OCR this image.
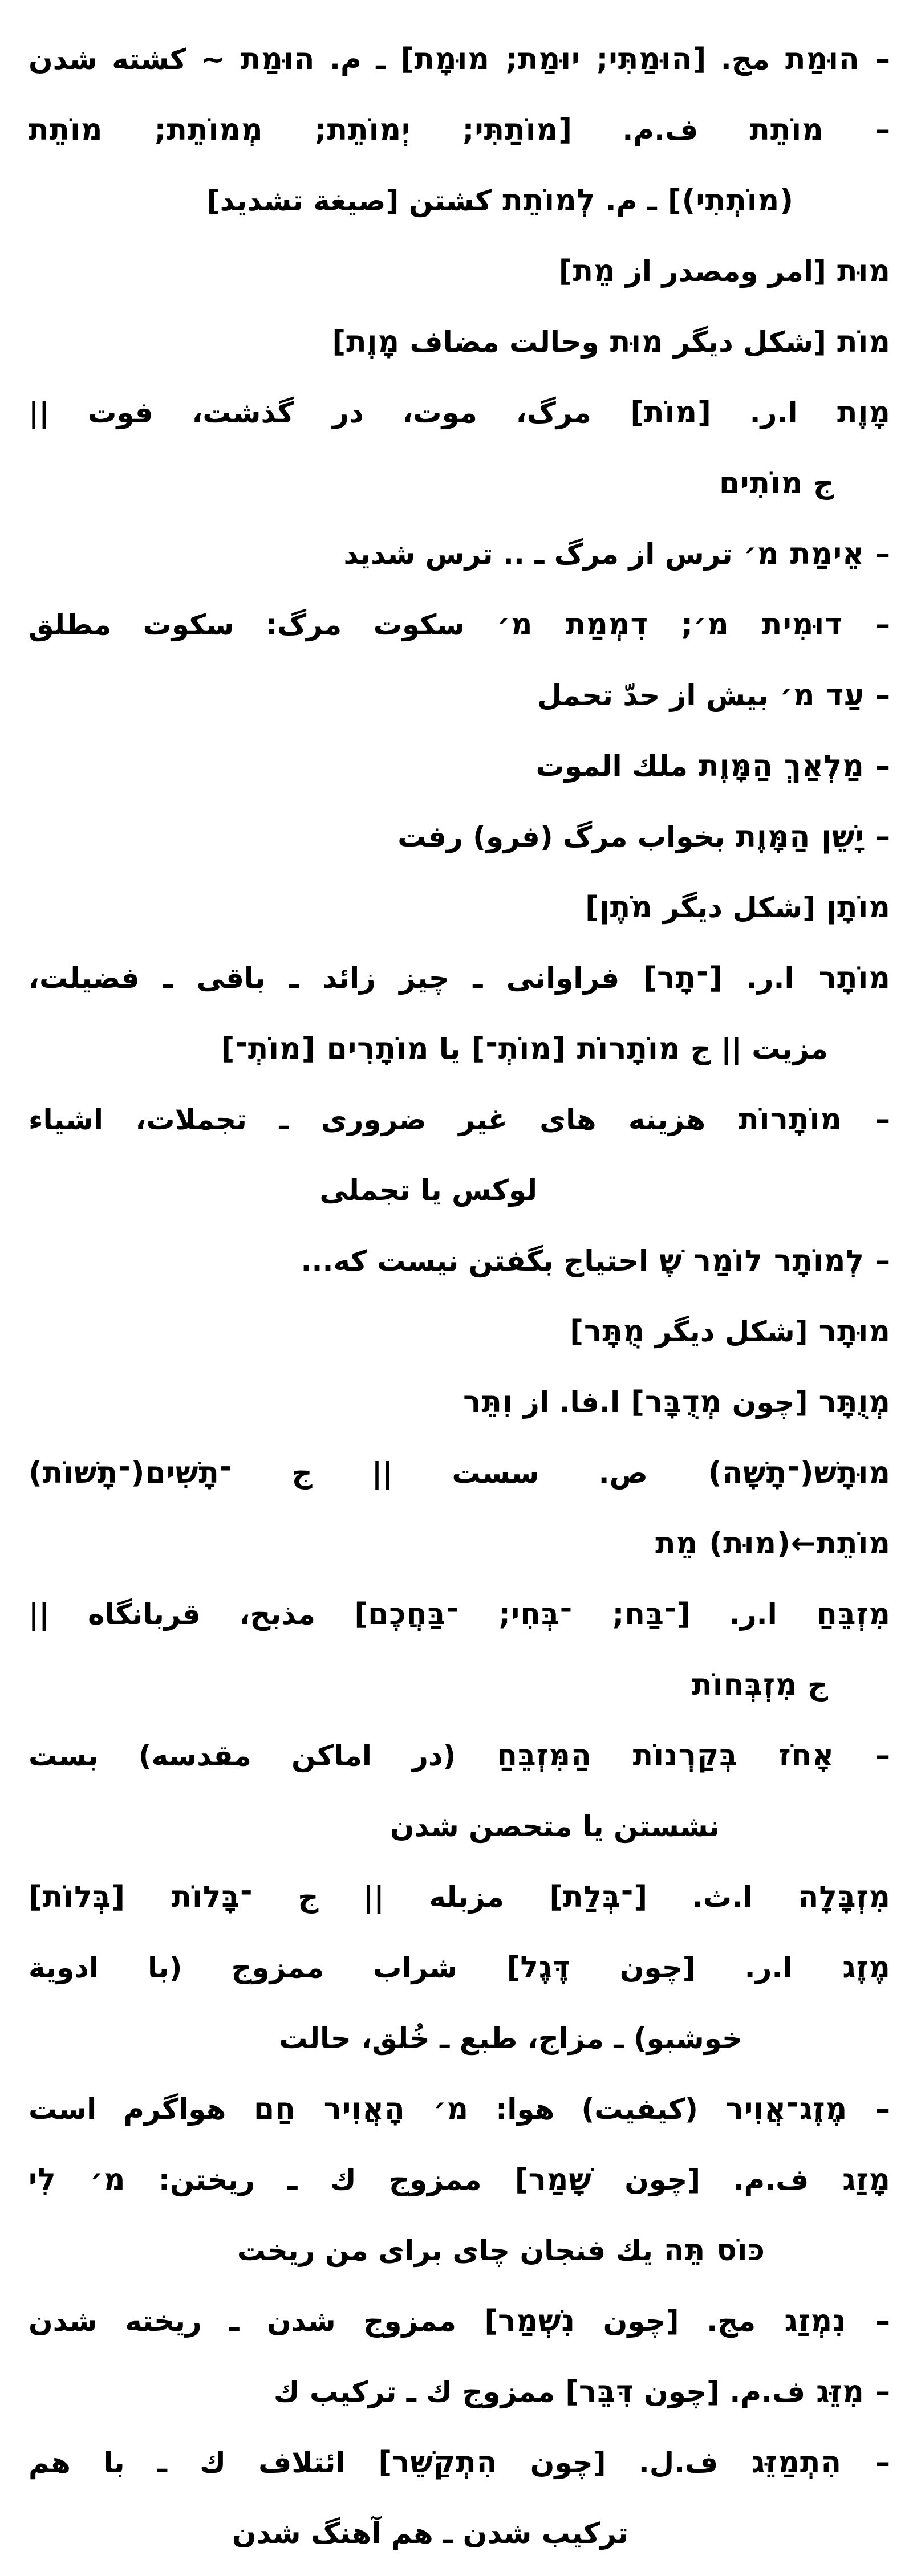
– הוּמַת مج. [הוּמַתִּי; יוּמַת; מוּמָת] ـ م. הוּמַת ~ كشته شدن
– מוֹתֵת ف.م. [מוֹתַתִּי; יְמוֹתֵת; מְמוֹתֵת; מוֹתֵת
(מוֹתְתִי)] ـ م. לְמוֹתֵת كشتن [صيغة تشديد]
מוּת [امر ومصدر از מֵת]
מוֹת [شكل ديگر מוּת وحالت مضاف מָוֶת]
מָוֶת ا.ر. [מוֹת] مرگ، موت، در گذشت، فوت ||
ج מוֹתִים
– אֵימַת מ׳ ترس از مرگ ـ .. ترس شديد
– דוּמִית מ׳; דִמְמַת מ׳ سكوت مرگ: سكوت مطلق
– עַד מ׳ بيش از حدّ تحمل
– מַלְאַךְ הַמָּוֶת ملك الموت
– יָשֵׁן הַמָּוֶת بخواب مرگ (فرو) رفت
מוֹתָן [شكل ديگر מֹתֶן]
מוֹתָר ا.ر. [־תָר] فراوانى ـ چيز زائد ـ باقى ـ فضيلت،
مزيت || ج מוֹתָרוֹת [מוֹתְ־] يا מוֹתָרִים [מוֹתְ־]
– מוֹתָרוֹת هزينه هاى غير ضرورى ـ تجملات، اشياء
لوكس يا تجملى
– לְמוֹתָר לוֹמַר שֶׁ احتياج بگفتن نيست كه...
מוּתָר [شكل ديگر מֻתָּר]
מְוֻתָּר [چون מְדֻבָּר] ا.فا. از וִתֵּר
מוּתָשׁ(־תָשָׁה) ص. سست || ج ־תָשִׁים(־תָשׁוֹת)
מוֹתֵת←(מוּת) מֵת
מִזְבֵּחַ ا.ر. [־בַּח; ־בְּחִי; ־בַּחֲכֶם] مذبح، قربانگاه ||
ج מִזְבְּחוֹת
– אָחֹז בְּקַרְנוֹת הַמִּזְבֵּחַ (در اماكن مقدسه) بست
نشستن يا متحصن شدن
מִזְבָּלָה ا.ث. [־בְּלַת] مزبله || ج ־בָּלוֹת [בְּלוֹת]
מֶזֶג ا.ر. [چون דֶּגֶל] شراب ممزوج (با ادوية
خوشبو) ـ مزاج، طبع ـ خُلق، حالت
– מֶזֶג־אֲוִיר (كيفيت) هوا: מ׳ הָאֲוִיר חַם هواگرم است
מָזַג ف.م. [چون שָׁמַר] ممزوج ك ـ ريختن: מ׳ לִי
כּוֹס תֵּה يك فنجان چاى براى من ريخت
– נִמְזַג مج. [چون נִשְׁמַר] ممزوج شدن ـ ريخته شدن
– מִזֵּג ف.م. [چون דִּבֵּר] ممزوج ك ـ تركيب ك
– הִתְמַזֵּג ف.ل. [چون הִתְקַשֵּׁר] ائتلاف ك ـ با هم
تركيب شدن ـ هم آهنگ شدن
